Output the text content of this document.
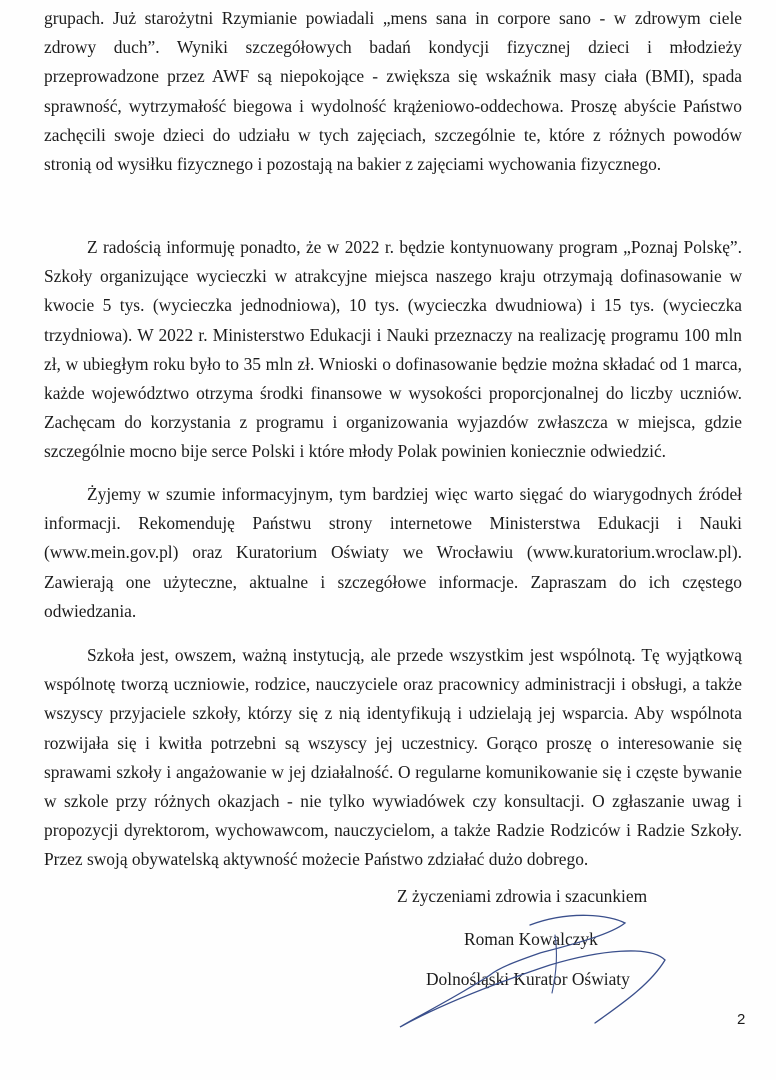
grupach. Już starożytni Rzymianie powiadali „mens sana in corpore sano - w zdrowym ciele zdrowy duch”. Wyniki szczegółowych badań kondycji fizycznej dzieci i młodzieży przeprowadzone przez AWF są niepokojące - zwiększa się wskaźnik masy ciała (BMI), spada sprawność, wytrzymałość biegowa i wydolność krążeniowo-oddechowa. Proszę abyście Państwo zachęcili swoje dzieci do udziału w tych zajęciach, szczególnie te, które z różnych powodów stronią od wysiłku fizycznego i pozostają na bakier z zajęciami wychowania fizycznego.

Z radością informuję ponadto, że w 2022 r. będzie kontynuowany program „Poznaj Polskę”. Szkoły organizujące wycieczki w atrakcyjne miejsca naszego kraju otrzymają dofinasowanie w kwocie 5 tys. (wycieczka jednodniowa), 10 tys. (wycieczka dwudniowa) i 15 tys. (wycieczka trzydniowa). W 2022 r. Ministerstwo Edukacji i Nauki przeznaczy na realizację programu 100 mln zł, w ubiegłym roku było to 35 mln zł. Wnioski o dofinasowanie będzie można składać od 1 marca, każde województwo otrzyma środki finansowe w wysokości proporcjonalnej do liczby uczniów. Zachęcam do korzystania z programu i organizowania wyjazdów zwłaszcza w miejsca, gdzie szczególnie mocno bije serce Polski i które młody Polak powinien koniecznie odwiedzić.

Żyjemy w szumie informacyjnym, tym bardziej więc warto sięgać do wiarygodnych źródeł informacji. Rekomenduję Państwu strony internetowe Ministerstwa Edukacji i Nauki (www.mein.gov.pl) oraz Kuratorium Oświaty we Wrocławiu (www.kuratorium.wroclaw.pl). Zawierają one użyteczne, aktualne i szczegółowe informacje. Zapraszam do ich częstego odwiedzania.

Szkoła jest, owszem, ważną instytucją, ale przede wszystkim jest wspólnotą. Tę wyjątkową wspólnotę tworzą uczniowie, rodzice, nauczyciele oraz pracownicy administracji i obsługi, a także wszyscy przyjaciele szkoły, którzy się z nią identyfikują i udzielają jej wsparcia. Aby wspólnota rozwijała się i kwitła potrzebni są wszyscy jej uczestnicy. Gorąco proszę o interesowanie się sprawami szkoły i angażowanie w jej działalność. O regularne komunikowanie się i częste bywanie w szkole przy różnych okazjach - nie tylko wywiadówek czy konsultacji. O zgłaszanie uwag i propozycji dyrektorom, wychowawcom, nauczycielom, a także Radzie Rodziców i Radzie Szkoły. Przez swoją obywatelską aktywność możecie Państwo zdziałać dużo dobrego.

Z życzeniami zdrowia i szacunkiem

Roman Kowalczyk

Dolnośląski Kurator Oświaty

2
